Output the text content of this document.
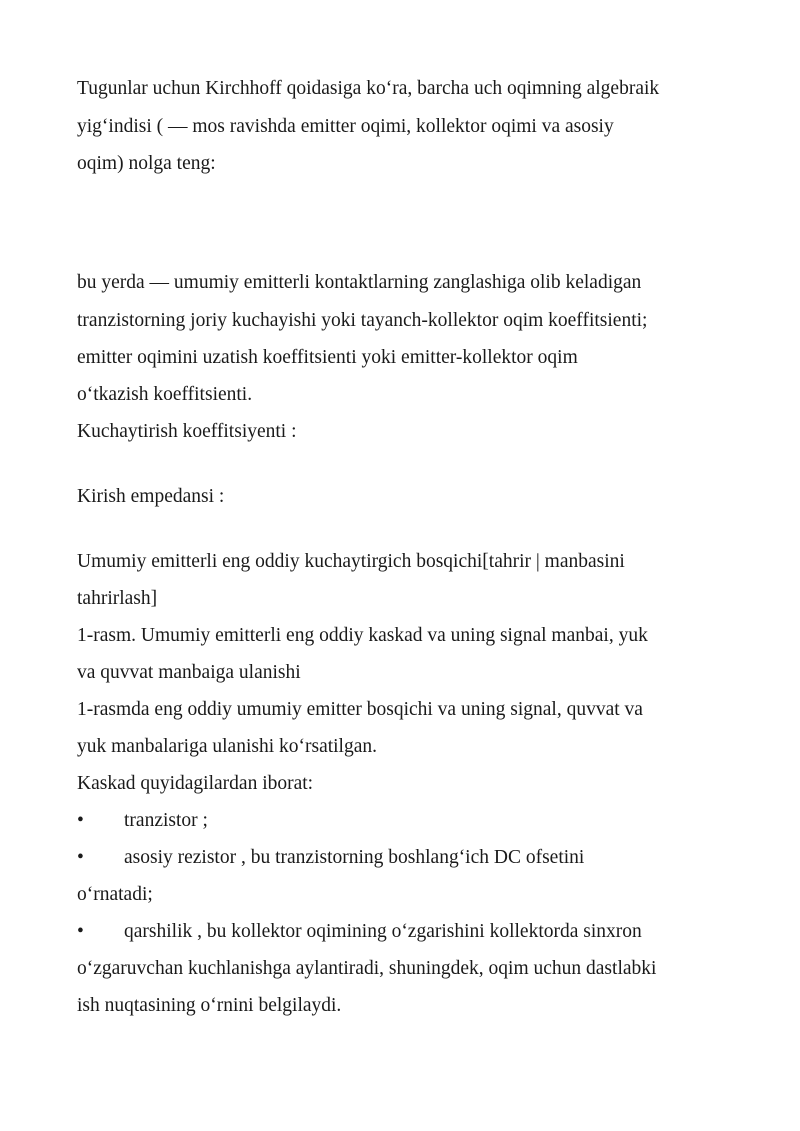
Tugunlar uchun Kirchhoff qoidasiga ko‘ra, barcha uch oqimning algebraik
yig‘indisi ( — mos ravishda emitter oqimi, kollektor oqimi va asosiy
oqim) nolga teng:
bu yerda — umumiy emitterli kontaktlarning zanglashiga olib keladigan
tranzistorning joriy kuchayishi yoki tayanch-kollektor oqim koeffitsienti;
emitter oqimini uzatish koeffitsienti yoki emitter-kollektor oqim
o‘tkazish koeffitsienti.
Kuchaytirish koeffitsiyenti :
Kirish empedansi :
Umumiy emitterli eng oddiy kuchaytirgich bosqichi[tahrir | manbasini
tahrirlash]
1-rasm. Umumiy emitterli eng oddiy kaskad va uning signal manbai, yuk
va quvvat manbaiga ulanishi
1-rasmda eng oddiy umumiy emitter bosqichi va uning signal, quvvat va
yuk manbalariga ulanishi ko‘rsatilgan.
Kaskad quyidagilardan iborat:
• tranzistor ;
• asosiy rezistor , bu tranzistorning boshlang‘ich DC ofsetini
o‘rnatadi;
• qarshilik , bu kollektor oqimining o‘zgarishini kollektorda sinxron
o‘zgaruvchan kuchlanishga aylantiradi, shuningdek, oqim uchun dastlabki
ish nuqtasining o‘rnini belgilaydi.
